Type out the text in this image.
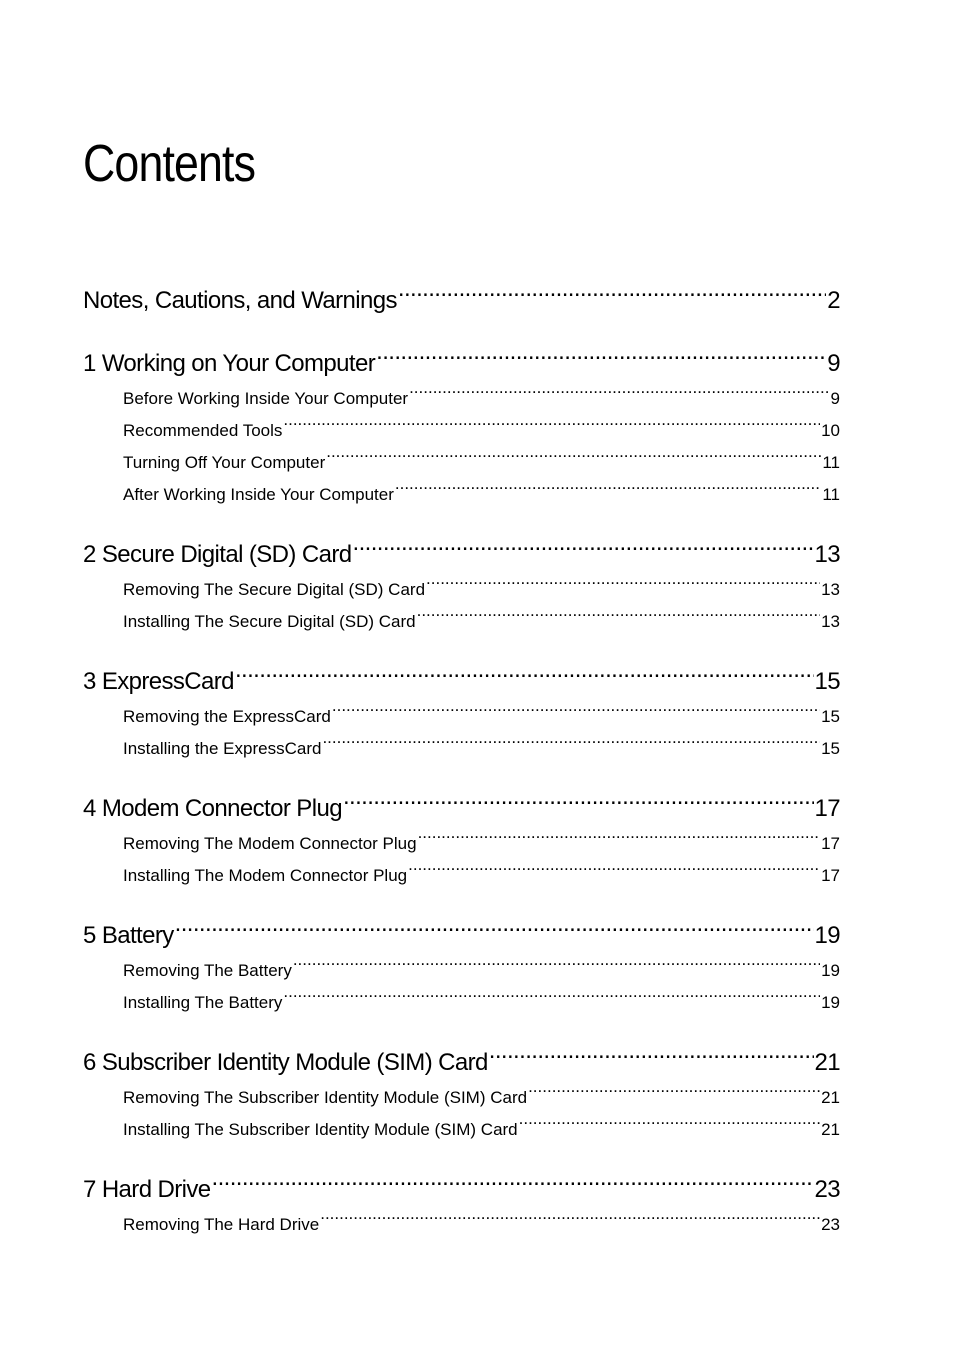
Contents
Notes, Cautions, and Warnings .....	2
1 Working on Your Computer .....	9
Before Working Inside Your Computer .....	9
Recommended Tools .....	10
Turning Off Your Computer .....	11
After Working Inside Your Computer .....	11
2 Secure Digital (SD) Card .....	13
Removing The Secure Digital (SD) Card .....	13
Installing The Secure Digital (SD) Card .....	13
3 ExpressCard .....	15
Removing the ExpressCard .....	15
Installing the ExpressCard .....	15
4 Modem Connector Plug .....	17
Removing The Modem Connector Plug .....	17
Installing The Modem Connector Plug .....	17
5 Battery .....	19
Removing The Battery .....	19
Installing The Battery .....	19
6 Subscriber Identity Module (SIM) Card .....	21
Removing The Subscriber Identity Module (SIM) Card .....	21
Installing The Subscriber Identity Module (SIM) Card .....	21
7 Hard Drive .....	23
Removing The Hard Drive .....	23
